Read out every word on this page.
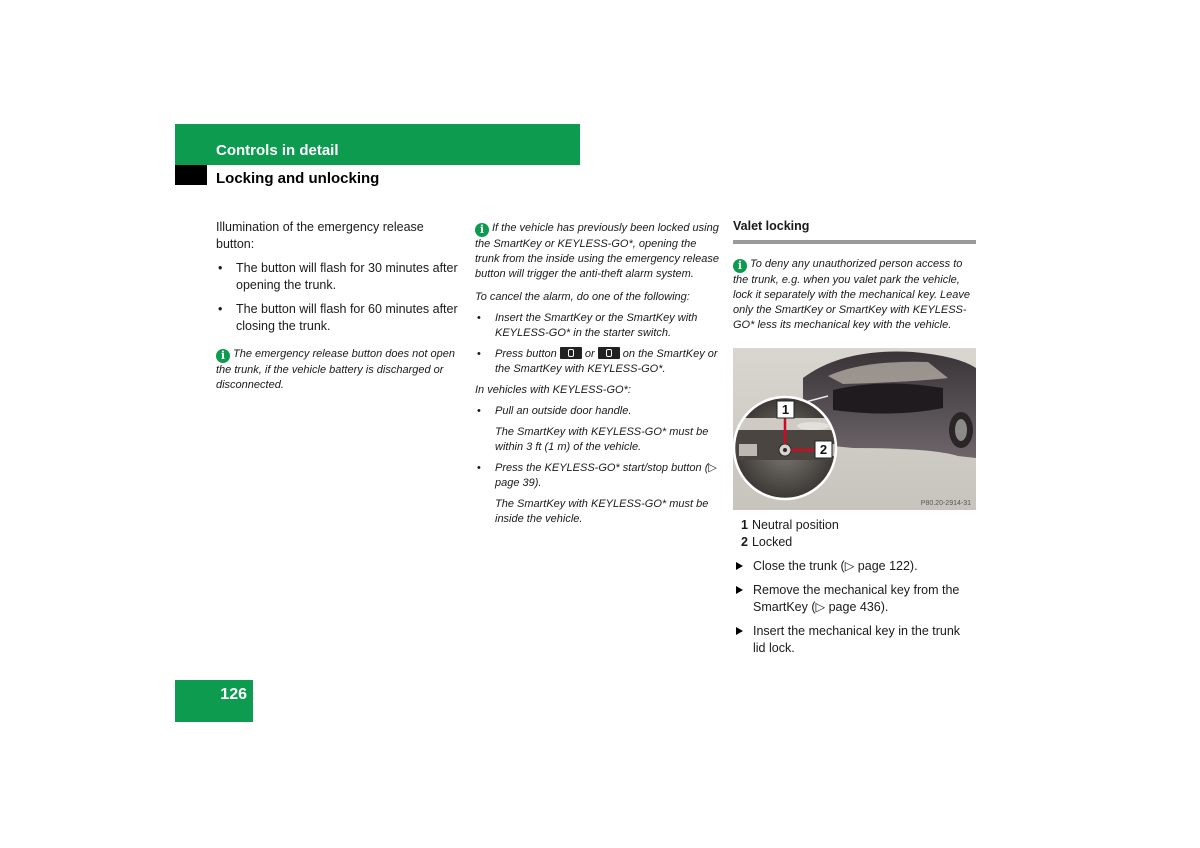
Controls in detail
Locking and unlocking

Illumination of the emergency release button:

• The button will flash for 30 minutes after opening the trunk.
• The button will flash for 60 minutes after closing the trunk.

i The emergency release button does not open the trunk, if the vehicle battery is discharged or disconnected.

i If the vehicle has previously been locked using the SmartKey or KEYLESS-GO*, opening the trunk from the inside using the emergency release button will trigger the anti-theft alarm system.

To cancel the alarm, do one of the following:

• Insert the SmartKey or the SmartKey with KEYLESS-GO* in the starter switch.
• Press button	or	on the SmartKey or the SmartKey with KEYLESS-GO*.

In vehicles with KEYLESS-GO*:

• Pull an outside door handle.

The SmartKey with KEYLESS-GO* must be within 3 ft (1 m) of the vehicle.

• Press the KEYLESS-GO* start/stop button (▷ page 39).

The SmartKey with KEYLESS-GO* must be inside the vehicle.

Valet locking

i To deny any unauthorized person access to the trunk, e.g. when you valet park the vehicle, lock it separately with the mechanical key. Leave only the SmartKey or SmartKey with KEYLESS-GO* less its mechanical key with the vehicle.

1
2
P80.20-2914-31
1 Neutral position
2 Locked
Close the trunk (▷ page 122).
Remove the mechanical key from the SmartKey (▷ page 436).
Insert the mechanical key in the trunk lid lock.
126
